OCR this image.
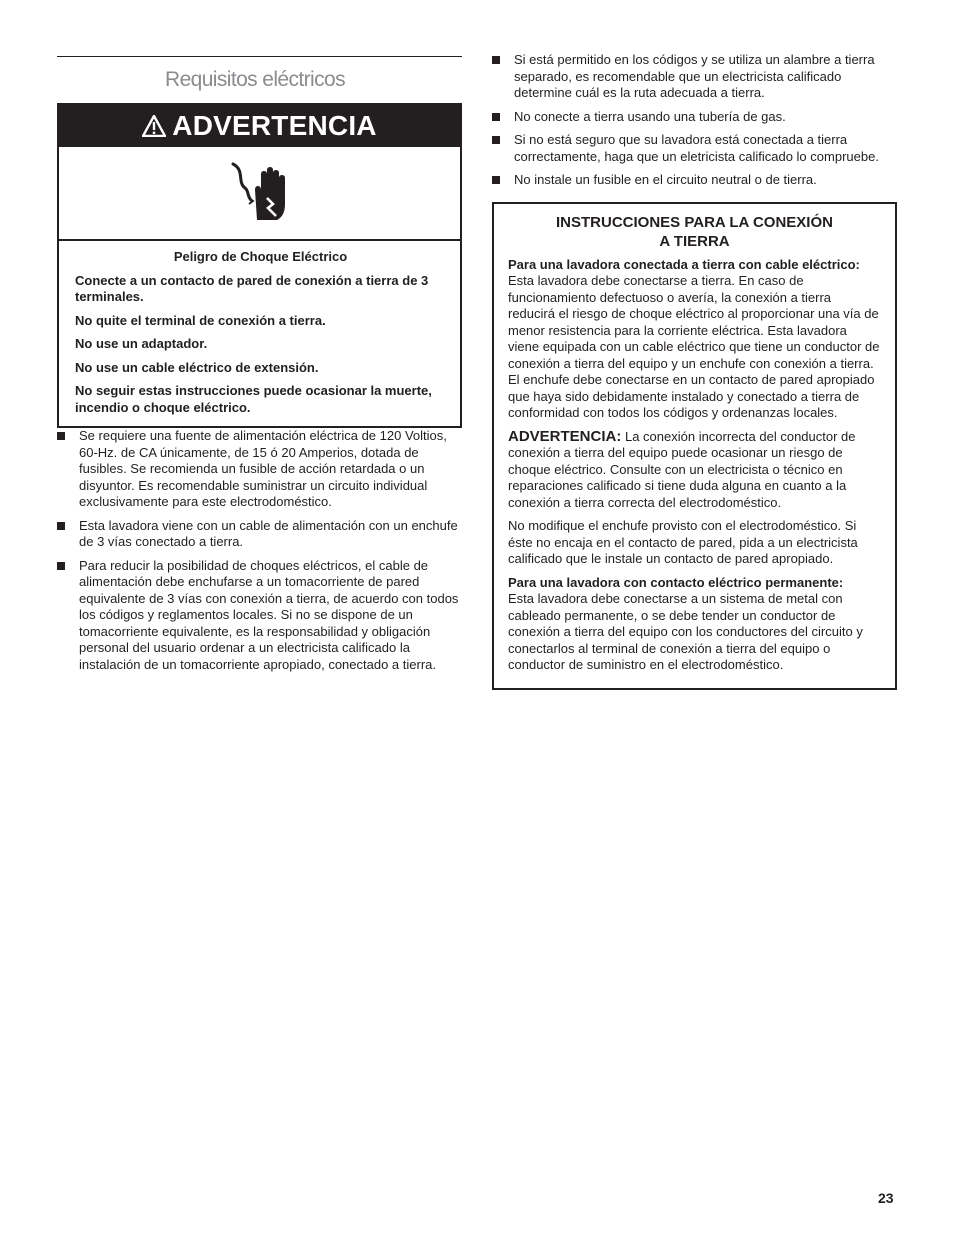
Requisitos eléctricos
ADVERTENCIA

Peligro de Choque Eléctrico

Conecte a un contacto de pared de conexión a tierra de 3 terminales.

No quite el terminal de conexión a tierra.

No use un adaptador.

No use un cable eléctrico de extensión.

No seguir estas instrucciones puede ocasionar la muerte, incendio o choque eléctrico.

Se requiere una fuente de alimentación eléctrica de 120 Voltios, 60-Hz. de CA únicamente, de 15 ó 20 Amperios, dotada de fusibles. Se recomienda un fusible de acción retardada o un disyuntor. Es recomendable suministrar un circuito individual exclusivamente para este electrodoméstico.
Esta lavadora viene con un cable de alimentación con un enchufe de 3 vías conectado a tierra.
Para reducir la posibilidad de choques eléctricos, el cable de alimentación debe enchufarse a un tomacorriente de pared equivalente de 3 vías con conexión a tierra, de acuerdo con todos los códigos y reglamentos locales. Si no se dispone de un tomacorriente equivalente, es la responsabilidad y obligación personal del usuario ordenar a un electricista calificado la instalación de un tomacorriente apropiado, conectado a tierra.
Si está permitido en los códigos y se utiliza un alambre a tierra separado, es recomendable que un electricista calificado determine cuál es la ruta adecuada a tierra.
No conecte a tierra usando una tubería de gas.
Si no está seguro que su lavadora está conectada a tierra correctamente, haga que un eletricista calificado lo compruebe.
No instale un fusible en el circuito neutral o de tierra.
INSTRUCCIONES PARA LA CONEXIÓN
A TIERRA

Para una lavadora conectada a tierra con cable eléctrico:
Esta lavadora debe conectarse a tierra. En caso de funcionamiento defectuoso o avería, la conexión a tierra reducirá el riesgo de choque eléctrico al proporcionar una vía de menor resistencia para la corriente eléctrica. Esta lavadora viene equipada con un cable eléctrico que tiene un conductor de conexión a tierra del equipo y un enchufe con conexión a tierra. El enchufe debe conectarse en un contacto de pared apropiado que haya sido debidamente instalado y conectado a tierra de conformidad con todos los códigos y ordenanzas locales.

ADVERTENCIA: La conexión incorrecta del conductor de conexión a tierra del equipo puede ocasionar un riesgo de choque eléctrico. Consulte con un electricista o técnico en reparaciones calificado si tiene duda alguna en cuanto a la conexión a tierra correcta del electrodoméstico.

No modifique el enchufe provisto con el electrodoméstico. Si éste no encaja en el contacto de pared, pida a un electricista calificado que le instale un contacto de pared apropiado.

Para una lavadora con contacto eléctrico permanente:
Esta lavadora debe conectarse a un sistema de metal con cableado permanente, o se debe tender un conductor de conexión a tierra del equipo con los conductores del circuito y conectarlos al terminal de conexión a tierra del equipo o conductor de suministro en el electrodoméstico.

23
